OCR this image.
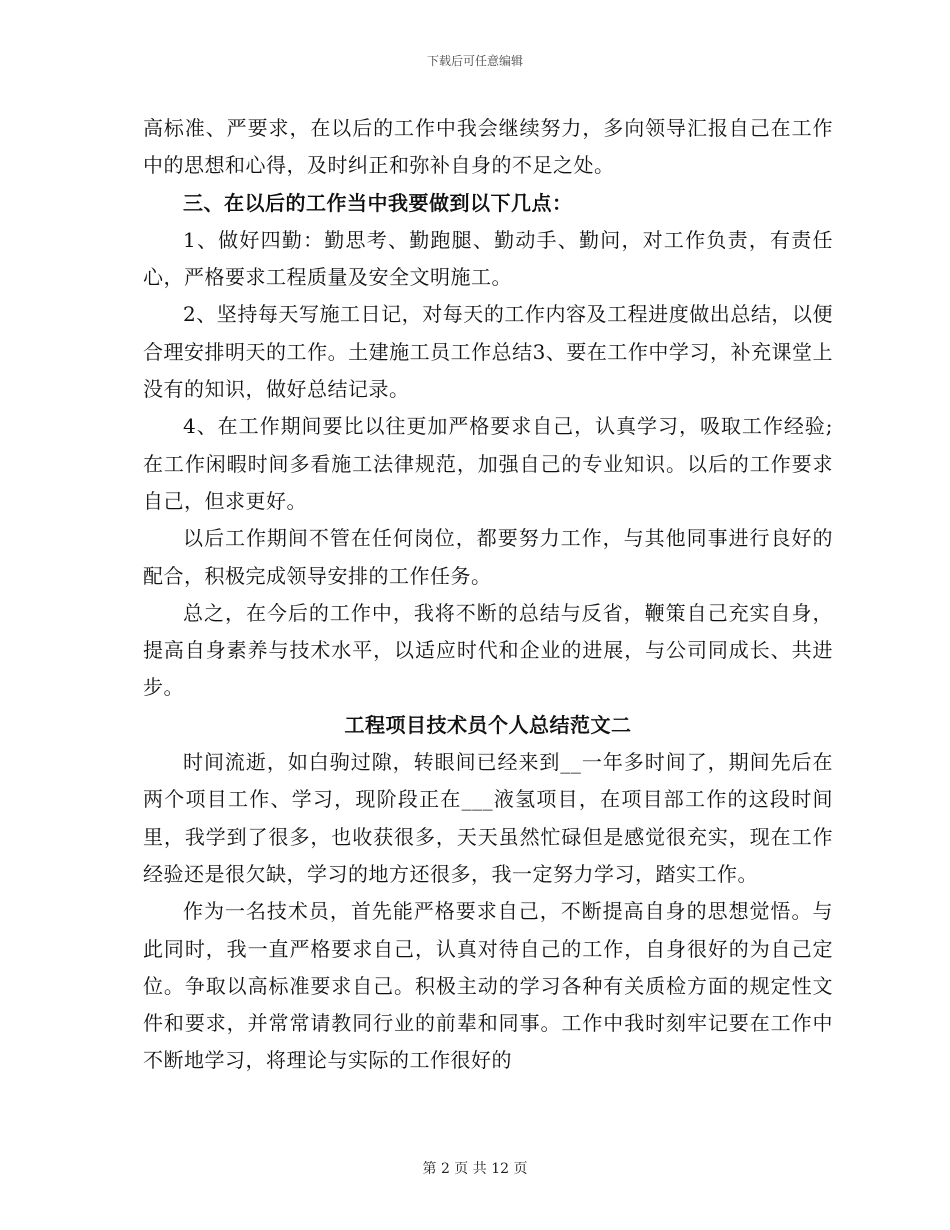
下载后可任意编辑

高标准、严要求，在以后的工作中我会继续努力，多向领导汇报自己在工作中的思想和心得，及时纠正和弥补自身的不足之处。

三、在以后的工作当中我要做到以下几点：

1、做好四勤：勤思考、勤跑腿、勤动手、勤问，对工作负责，有责任心，严格要求工程质量及安全文明施工。

2、坚持每天写施工日记，对每天的工作内容及工程进度做出总结，以便合理安排明天的工作。土建施工员工作总结3、要在工作中学习，补充课堂上没有的知识，做好总结记录。

4、在工作期间要比以往更加严格要求自己，认真学习，吸取工作经验;在工作闲暇时间多看施工法律规范，加强自己的专业知识。以后的工作要求自己，但求更好。

以后工作期间不管在任何岗位，都要努力工作，与其他同事进行良好的配合，积极完成领导安排的工作任务。

总之，在今后的工作中，我将不断的总结与反省，鞭策自己充实自身，提高自身素养与技术水平，以适应时代和企业的进展，与公司同成长、共进步。

工程项目技术员个人总结范文二

时间流逝，如白驹过隙，转眼间已经来到__一年多时间了，期间先后在两个项目工作、学习，现阶段正在___液氢项目，在项目部工作的这段时间里，我学到了很多，也收获很多，天天虽然忙碌但是感觉很充实，现在工作经验还是很欠缺，学习的地方还很多，我一定努力学习，踏实工作。

作为一名技术员，首先能严格要求自己，不断提高自身的思想觉悟。与此同时，我一直严格要求自己，认真对待自己的工作，自身很好的为自己定位。争取以高标准要求自己。积极主动的学习各种有关质检方面的规定性文件和要求，并常常请教同行业的前辈和同事。工作中我时刻牢记要在工作中不断地学习，将理论与实际的工作很好的

第 2 页 共 12 页
